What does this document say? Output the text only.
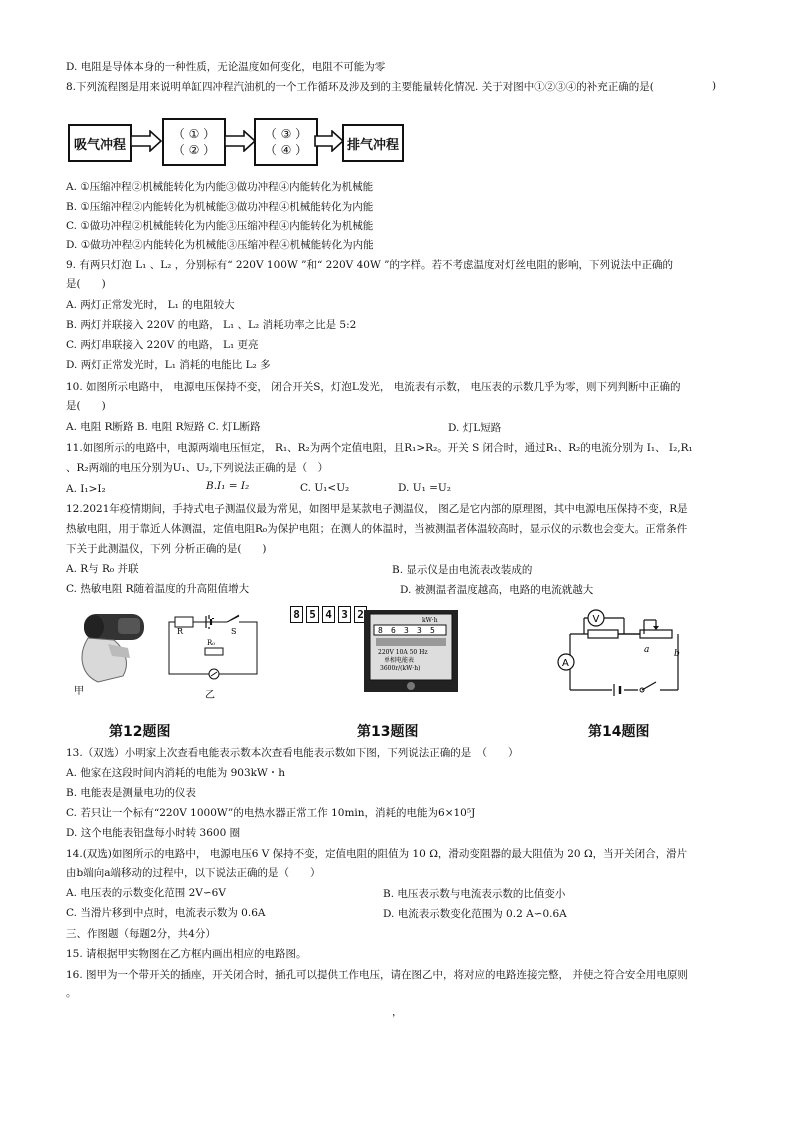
D. 电阻是导体本身的一种性质，无论温度如何变化，电阻不可能为零
8.下列流程图是用来说明单缸四冲程汽油机的一个工作循环及涉及到的主要能量转化情况. 关于对图中①②③④的补充正确的是(	)
吸气冲程
（ ① ）
（ ② ）
（ ③ ）
（ ④ ）	排气冲程
A. ①压缩冲程②机械能转化为内能③做功冲程④内能转化为机械能
B. ①压缩冲程②内能转化为机械能③做功冲程④机械能转化为内能
C. ①做功冲程②机械能转化为内能③压缩冲程④内能转化为机械能
D. ①做功冲程②内能转化为机械能③压缩冲程④机械能转化为内能
9. 有两只灯泡 L₁ 、L₂ ，分别标有“ 220V 100W ”和“ 220V 40W ”的字样。若不考虑温度对灯丝电阻的影响，下列说法中正确的
是(　　)
A. 两灯正常发光时， L₁ 的电阻较大
B. 两灯并联接入 220V 的电路， L₁ 、L₂ 消耗功率之比是 5:2
C. 两灯串联接入 220V 的电路， L₁ 更亮
D. 两灯正常发光时，L₁ 消耗的电能比 L₂ 多
10. 如图所示电路中， 电源电压保持不变， 闭合开关S，灯泡L发光， 电流表有示数， 电压表的示数几乎为零，则下列判断中正确的
是(　　)
A. 电阻 R断路 B. 电阻 R短路 C. 灯L断路	D. 灯L短路
11.如图所示的电路中，电源两端电压恒定， R₁、R₂为两个定值电阻，且R₁>R₂。开关 S 闭合时，通过R₁、R₂的电流分别为 I₁、 I₂,R₁
、R₂两端的电压分别为U₁、U₂,下列说法正确的是（　）
A. I₁>I₂	B.I₁ = I₂	C. U₁<U₂	D. U₁ =U₂
12.2021年疫情期间，手持式电子测温仪最为常见，如图甲是某款电子测温仪， 图乙是它内部的原理图，其中电源电压保持不变，R是
热敏电阻，用于靠近人体测温，定值电阻R₀为保护电阻；在测人的体温时，当被测温者体温较高时，显示仪的示数也会变大。正常条件
下关于此测温仪，下列 分析正确的是(　　)
A. R与 R₀ 并联	B. 显示仪是由电流表改装成的
C. 热敏电阻 R随着温度的升高阻值增大	D. 被测温者温度越高，电路的电流就越大
甲
R	S
R₀
乙
8 5 4 3 2	kW·h
8 6 3 3 5
220V 10A 50 Hz
单相电能表
3600r/(kW·h)
V
a	b
A
第12题图	第13题图	第14题图
13.（双选）小明家上次查看电能表示数本次查看电能表示数如下图，下列说法正确的是　（　　）
A. 他家在这段时间内消耗的电能为 903kW・h
B. 电能表是测量电功的仪表
C. 若只让一个标有“220V 1000W”的电热水器正常工作 10min，消耗的电能为6×10⁵J
D. 这个电能表铝盘每小时转 3600 圈
14.(双选)如图所示的电路中， 电源电压6 V 保持不变，定值电阻的阻值为 10 Ω，滑动变阻器的最大阻值为 20 Ω，当开关闭合，滑片
由b端向a端移动的过程中，以下说法正确的是（　　）
A. 电压表的示数变化范围 2V∽6V	B. 电压表示数与电流表示数的比值变小
C. 当滑片移到中点时，电流表示数为 0.6A	D. 电流表示数变化范围为 0.2 A∽0.6A
三、作图题（每题2分，共4分）
15. 请根据甲实物图在乙方框内画出相应的电路图。
16. 图甲为一个带开关的插座，开关闭合时，插孔可以提供工作电压，请在图乙中，将对应的电路连接完整， 并使之符合安全用电原则
。
，
